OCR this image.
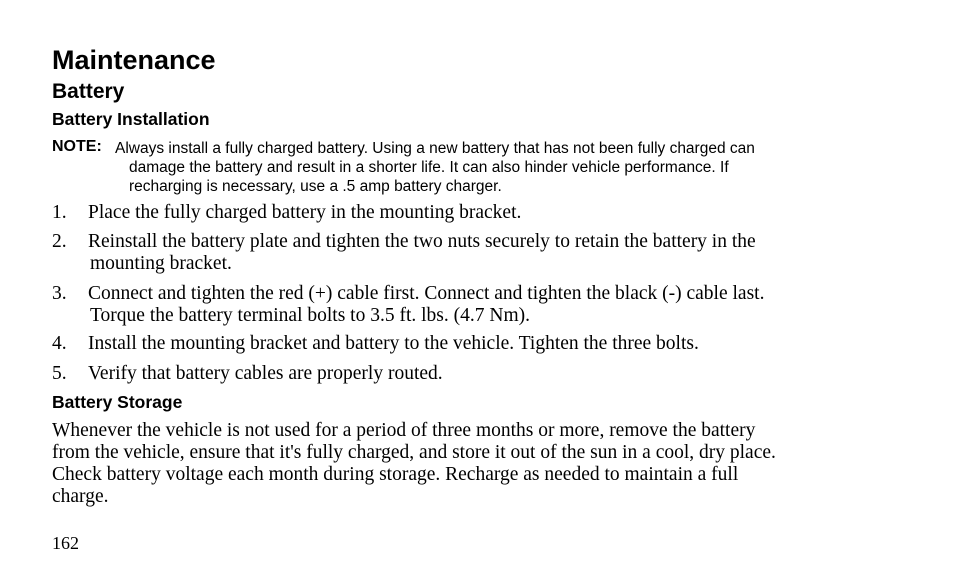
Maintenance
Battery
Battery Installation
NOTE: Always install a fully charged battery. Using a new battery that has not been fully charged can
damage the battery and result in a shorter life. It can also hinder vehicle performance. If
recharging is necessary, use a .5 amp battery charger.
1. Place the fully charged battery in the mounting bracket.
2. Reinstall the battery plate and tighten the two nuts securely to retain the battery in the
mounting bracket.
3. Connect and tighten the red (+) cable first. Connect and tighten the black (-) cable last.
Torque the battery terminal bolts to 3.5 ft. lbs. (4.7 Nm).
4. Install the mounting bracket and battery to the vehicle. Tighten the three bolts.
5. Verify that battery cables are properly routed.
Battery Storage
Whenever the vehicle is not used for a period of three months or more, remove the battery
from the vehicle, ensure that it's fully charged, and store it out of the sun in a cool, dry place.
Check battery voltage each month during storage. Recharge as needed to maintain a full
charge.
162
